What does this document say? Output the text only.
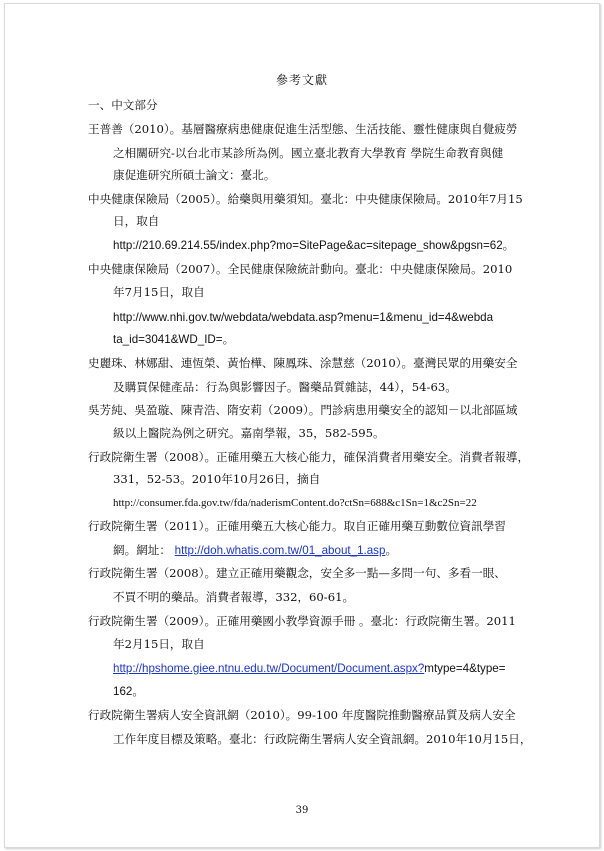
參考文獻
一、中文部分
王普善（2010）。基層醫療病患健康促進生活型態、生活技能、靈性健康與自覺疲勞
之相關研究-以台北市某診所為例。國立臺北教育大學教育 學院生命教育與健
康促進研究所碩士論文：臺北。
中央健康保險局（2005）。給藥與用藥須知。臺北：中央健康保險局。2010年7月15
日，取自
http://210.69.214.55/index.php?mo=SitePage&ac=sitepage_show&pgsn=62。
中央健康保險局（2007）。全民健康保險統計動向。臺北：中央健康保險局。2010
年7月15日，取自
http://www.nhi.gov.tw/webdata/webdata.asp?menu=1&menu_id=4&webda
ta_id=3041&WD_ID=。
史麗珠、林娜甜、連恆榮、黃怡樺、陳鳳珠、涂慧慈（2010）。臺灣民眾的用藥安全
及購買保健產品：行為與影響因子。醫藥品質雜誌，44），54-63。
吳芳純、吳盈璇、陳青浩、隋安莉（2009）。門診病患用藥安全的認知－以北部區域
級以上醫院為例之研究。嘉南學報，35，582-595。
行政院衛生署（2008）。正確用藥五大核心能力，確保消費者用藥安全。消費者報導，
331，52-53。2010年10月26日，摘自
http://consumer.fda.gov.tw/fda/naderismContent.do?ctSn=688&c1Sn=1&c2Sn=22
行政院衛生署（2011）。正確用藥五大核心能力。取自正確用藥互動數位資訊學習
網。網址： http://doh.whatis.com.tw/01_about_1.asp。
行政院衛生署（2008）。建立正確用藥觀念，安全多一點—多問一句、多看一眼、
不買不明的藥品。消費者報導，332，60-61。
行政院衛生署（2009）。正確用藥國小教學資源手冊 。臺北：行政院衛生署。2011
年2月15日，取自
http://hpshome.giee.ntnu.edu.tw/Document/Document.aspx?mtype=4&type=
162。
行政院衛生署病人安全資訊網（2010）。99-100 年度醫院推動醫療品質及病人安全
工作年度目標及策略。臺北：行政院衛生署病人安全資訊網。2010年10月15日，
39
